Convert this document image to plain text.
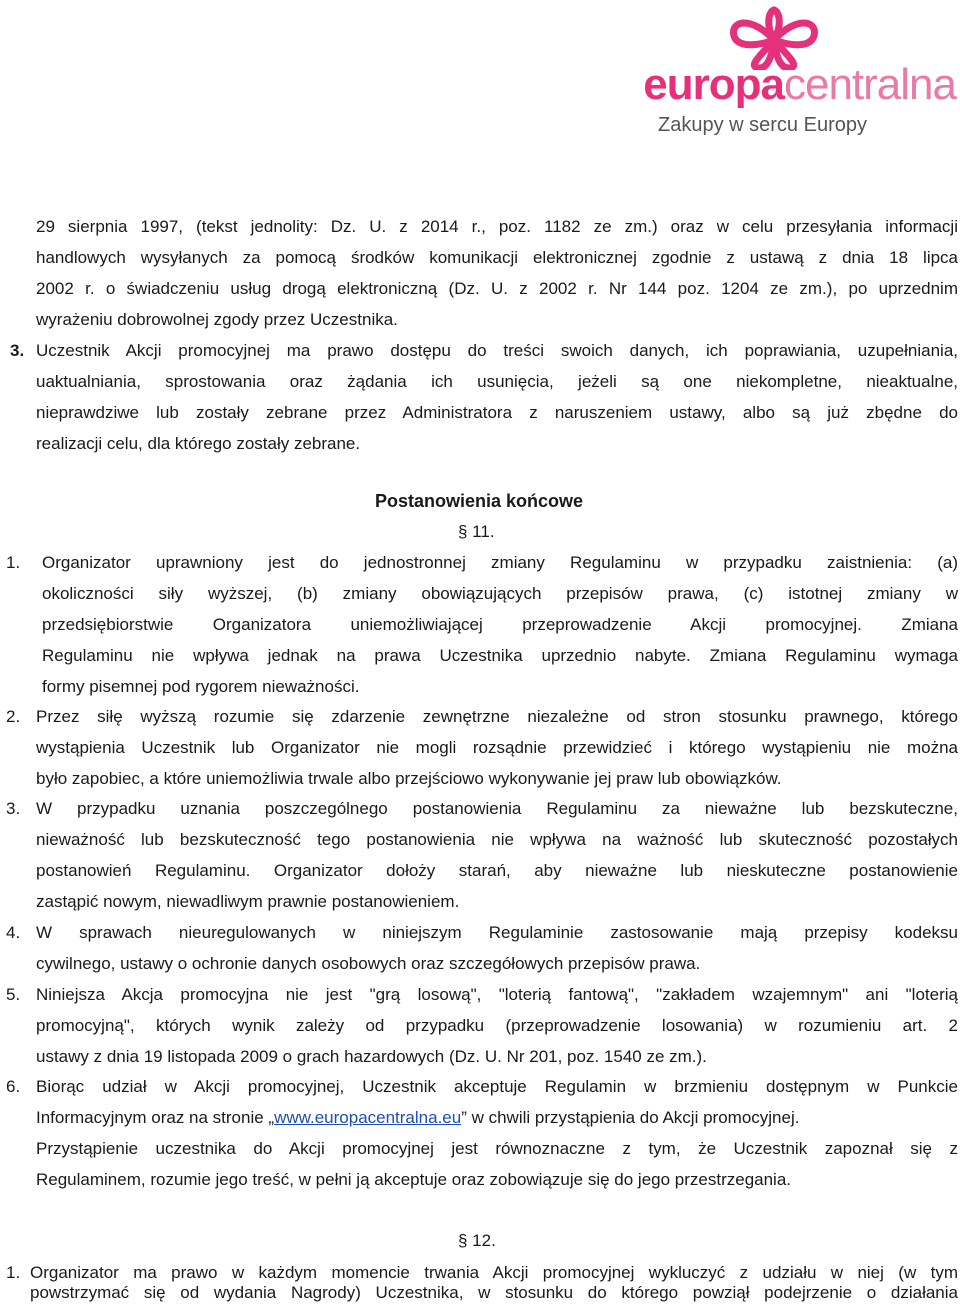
europacentralna
Zakupy w sercu Europy
29 sierpnia 1997, (tekst jednolity: Dz. U. z 2014 r., poz. 1182 ze zm.) oraz w celu przesyłania informacji
handlowych wysyłanych za pomocą środków komunikacji elektronicznej zgodnie z ustawą z dnia 18 lipca
2002 r. o świadczeniu usług drogą elektroniczną (Dz. U. z 2002 r. Nr 144 poz. 1204 ze zm.), po uprzednim
wyrażeniu dobrowolnej zgody przez Uczestnika.
3. Uczestnik Akcji promocyjnej ma prawo dostępu do treści swoich danych, ich poprawiania, uzupełniania,
uaktualniania, sprostowania oraz żądania ich usunięcia, jeżeli są one niekompletne, nieaktualne,
nieprawdziwe lub zostały zebrane przez Administratora z naruszeniem ustawy, albo są już zbędne do
realizacji celu, dla którego zostały zebrane.
Postanowienia końcowe
§ 11.
1. Organizator uprawniony jest do jednostronnej zmiany Regulaminu w przypadku zaistnienia: (a)
okoliczności siły wyższej, (b) zmiany obowiązujących przepisów prawa, (c) istotnej zmiany w
przedsiębiorstwie Organizatora uniemożliwiającej przeprowadzenie Akcji promocyjnej. Zmiana
Regulaminu nie wpływa jednak na prawa Uczestnika uprzednio nabyte. Zmiana Regulaminu wymaga
formy pisemnej pod rygorem nieważności.
2. Przez siłę wyższą rozumie się zdarzenie zewnętrzne niezależne od stron stosunku prawnego, którego
wystąpienia Uczestnik lub Organizator nie mogli rozsądnie przewidzieć i którego wystąpieniu nie można
było zapobiec, a które uniemożliwia trwale albo przejściowo wykonywanie jej praw lub obowiązków.
3. W przypadku uznania poszczególnego postanowienia Regulaminu za nieważne lub bezskuteczne,
nieważność lub bezskuteczność tego postanowienia nie wpływa na ważność lub skuteczność pozostałych
postanowień Regulaminu. Organizator dołoży starań, aby nieważne lub nieskuteczne postanowienie
zastąpić nowym, niewadliwym prawnie postanowieniem.
4. W sprawach nieuregulowanych w niniejszym Regulaminie zastosowanie mają przepisy kodeksu
cywilnego, ustawy o ochronie danych osobowych oraz szczegółowych przepisów prawa.
5. Niniejsza Akcja promocyjna nie jest "grą losową", "loterią fantową", "zakładem wzajemnym" ani "loterią
promocyjną", których wynik zależy od przypadku (przeprowadzenie losowania) w rozumieniu art. 2
ustawy z dnia 19 listopada 2009 o grach hazardowych (Dz. U. Nr 201, poz. 1540 ze zm.).
6. Biorąc udział w Akcji promocyjnej, Uczestnik akceptuje Regulamin w brzmieniu dostępnym w Punkcie
Informacyjnym oraz na stronie „www.europacentralna.eu” w chwili przystąpienia do Akcji promocyjnej.
Przystąpienie uczestnika do Akcji promocyjnej jest równoznaczne z tym, że Uczestnik zapoznał się z
Regulaminem, rozumie jego treść, w pełni ją akceptuje oraz zobowiązuje się do jego przestrzegania.
§ 12.
1. Organizator ma prawo w każdym momencie trwania Akcji promocyjnej wykluczyć z udziału w niej (w tym
powstrzymać się od wydania Nagrody) Uczestnika, w stosunku do którego powziął podejrzenie o działania
